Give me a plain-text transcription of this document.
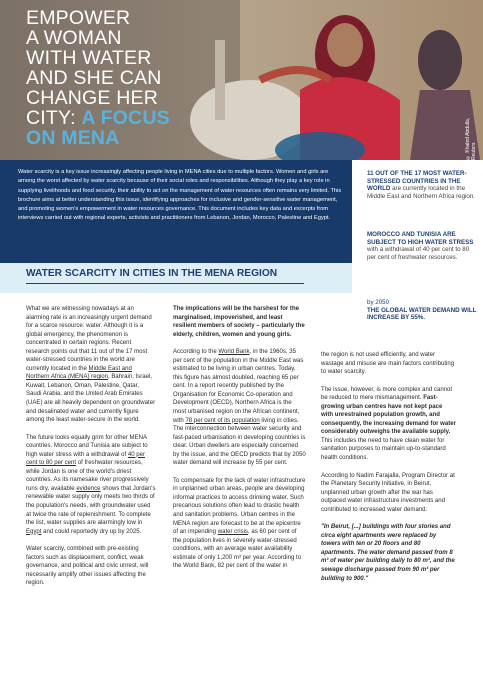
EMPOWER
A WOMAN
WITH WATER
AND SHE CAN
CHANGE HER
CITY: A FOCUS
ON MENA	© Khaled Abdulla, Reuters

Water scarcity is a key issue increasingly affecting people living in MENA cities due to multiple factors. Women and girls are among the worst affected by water scarcity because of their social roles and responsibilities. Although they play a key role in supplying livelihoods and food security, their ability to act on the management of water resources often remains very limited. This brochure aims at better understanding this issue, identifying approaches for inclusive and gender-sensitive water management, and promoting women's empowerment in water resources governance. This document includes key data and excerpts from interviews carried out with regional experts, activists and practitioners from Lebanon, Jordan, Morocco, Palestine and Egypt.

11 OUT OF THE 17 MOST WATER-STRESSED COUNTRIES IN THE WORLD are currently located in the Middle East and Northern Africa region.
MOROCCO AND TUNISIA ARE SUBJECT TO HIGH WATER STRESS with a withdrawal of 40 per cent to 80 per cent of freshwater resources.
by 2050
THE GLOBAL WATER DEMAND WILL INCREASE BY 55%.
WATER SCARCITY IN CITIES IN THE MENA REGION

What we are witnessing nowadays at an alarming rate is an increasingly urgent demand for a scarce resource: water. Although it is a global emergency, the phenomenon is concentrated in certain regions. Recent research points out that 11 out of the 17 most water-stressed countries in the world are currently located in the Middle East and Northern Africa (MENA) region, Bahrain, Israel, Kuwait, Lebanon, Oman, Palestine, Qatar, Saudi Arabia, and the United Arab Emirates (UAE) are all heavily dependent on groundwater and desalinated water and currently figure among the least water-secure in the world.

The future looks equally grim for other MENA countries. Morocco and Tunisia are subject to high water stress with a withdrawal of 40 per cent to 80 per cent of freshwater resources, while Jordan is one of the world's driest countries. As its namesake river progressively runs dry, available evidence shows that Jordan's renewable water supply only meets two thirds of the population's needs, with groundwater used at twice the rate of replenishment. To complete the list, water supplies are alarmingly low in Egypt and could reportedly dry up by 2025.

Water scarcity, combined with pre-existing factors such as displacement, conflict, weak governance, and political and civic unrest, will necessarily amplify other issues affecting the region.

The implications will be the harshest for the marginalised, impoverished, and least resilient members of society – particularly the elderly, children, women and young girls.

According to the World Bank, in the 1960s, 35 per cent of the population in the Middle East was estimated to be living in urban centres. Today, this figure has almost doubled, reaching 65 per cent. In a report recently published by the Organisation for Economic Co-operation and Development (OECD), Northern Africa is the most urbanised region on the African continent, with 78 per cent of its population living in cities. The interconnection between water security and fast-paced urbanisation in developing countries is clear. Urban dwellers are especially concerned by the issue, and the OECD predicts that by 2050 water demand will increase by 55 per cent.

To compensate for the lack of water infrastructure in unplanned urban areas, people are developing informal practices to access drinking water. Such precarious solutions often lead to drastic health and sanitation problems. Urban centres in the MENA region are forecast to be at the epicentre of an impending water crisis, as 60 per cent of the population lives in severely water-stressed conditions, with an average water availability estimate of only 1,200 m³ per year. According to the World Bank, 82 per cent of the water in

the region is not used efficiently, and water wastage and misuse are main factors contributing to water scarcity.

The issue, however, is more complex and cannot be reduced to mere mismanagement. Fast-growing urban centres have not kept pace with unrestrained population growth, and consequently, the increasing demand for water considerably outweighs the available supply. This includes the need to have clean water for sanitation purposes to maintain up-to-standard health conditions.

According to Nadim Farajalla, Program Director at the Planetary Security Initiative, in Beirut, unplanned urban growth after the war has outpaced water infrastructure investments and contributed to increased water demand:

"In Beirut, [...] buildings with four stories and circa eight apartments were replaced by towers with ten or 20 floors and 80 apartments. The water demand passed from 8 m³ of water per building daily to 80 m³, and the sewage discharge passed from 90 m³ per building to 900."
